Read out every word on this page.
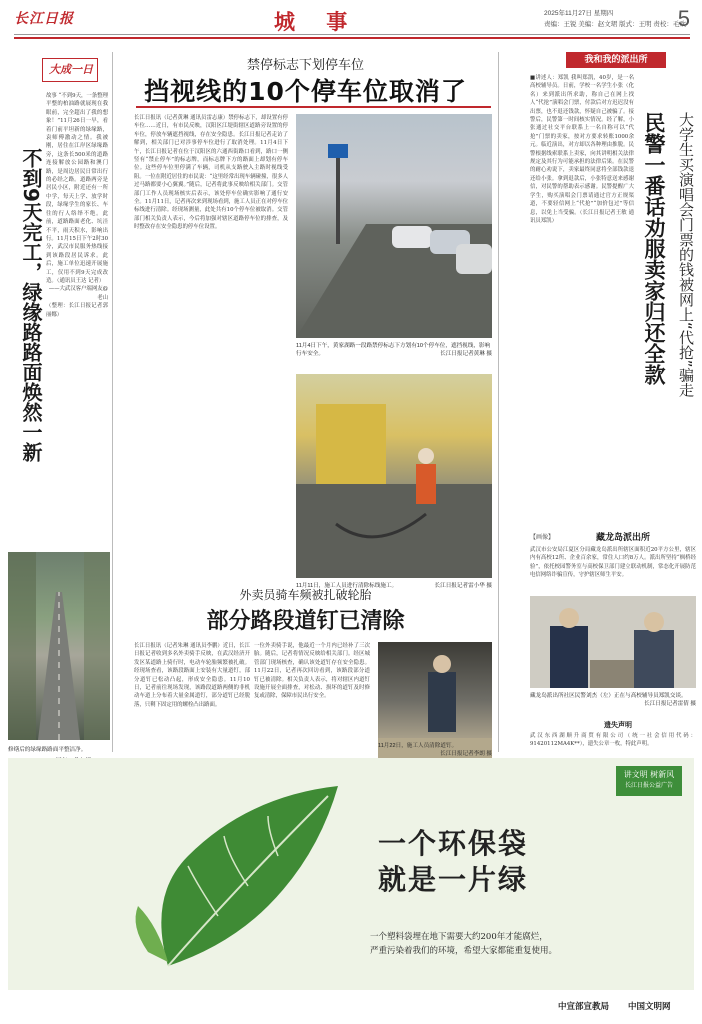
长江日报	城 事	2025年11月27日 星期四
责编：王锐 美编：赵文珺 版式：王明 责校：毛欢
5
大成一日
不到9天完工，绿缘路路面焕然一新

故事 “不到9天，一条整理平整的柏油路就展现在我眼前，完全超出了我的想象！”11月26日一早，看着门前平坦新的绿缘路，袁师傅激动之情。我被刚，居住在江岸区绿缘路旁，这条长500米的道路连接解放公园路和澳门路，是周边居民日常出行的必经之路。道路两旁是居民小区，附近还有一所中学，每天上学、放学时段，绿缘学生的家长、车往的行人络绎不绝。此前，道路路面老化、坑洼不平，雨天积水，影响出行。11月15日下午2时30分，武汉市民服务热线接到该路段居民诉求。此后，施工单位迅速开展施工，仅用不到9天完成改造。（通讯员王达 记者）

——大武汉客户端网友@老山

（整理：长江日报记者郭丽娜）

修缮后的绿缘路路面平整洁净。
禁停标志下划停车位
挡视线的10个停车位取消了

长江日报讯（记者黄琳 通讯员雷志康）禁停标志下，却设置有停车位……近日，有市民反映，汉阳区江堤街辖区道路旁设置的停车位，停放车辆遮挡视线，存在安全隐患。长江日报记者走访了解到，相关部门已对涉事停车位进行了取消处理。11月4日下午，长江日报记者在位于汉阳区的六通西街路口看到，路口一侧竖有“禁止停车”的标志牌，而标志牌下方的路面上却划有停车位。这些停车位里停满了车辆，司机从支路驶入主路时视线受阻。一位在附近居住的市民说：“这里经常出现车辆碰撞，很多人过马路都要小心翼翼。”随后，记者将此事反映给相关部门。交管部门工作人员现场核实后表示，该处停车位确实影响了通行安全。11月11日，记者再次来到现场看到，施工人员正在对停车位标线进行清除。经现场测量，此处共有10个停车位被取消。交管部门相关负责人表示，今后将加强对辖区道路停车位的排查，及时整改存在安全隐患的停车位设置。

11月4日下午，黄家湖路一段路禁停标志下方划有10个停车位，遮挡视线，影响行车安全。	长江日报记者黄琳 摄
11月11日，施工人员进行清除标线施工。	长江日报记者雷小华 摄
外卖员骑车频被扎破轮胎
部分路段道钉已清除

长江日报讯（记者朱琳 通讯员李鹏）近日，长江日报记者收到多名外卖骑手反映，在武汉经济开发区某道路上骑行时，电动车轮胎频繁被扎破。经现场查看，该路段路面上安装有大量道钉，部分道钉已松动凸起，形成安全隐患。11月10日，记者前往现场发现，该路段道路两侧的非机动车道上分布着大量金属道钉，部分道钉已经脱落，只剩下固定用的螺栓凸出路面。

一位外卖骑手说，他最近一个月内已经补了三次胎。随后，记者将情况反映给相关部门。经区城管部门现场核查，确认该处道钉存在安全隐患。11月22日，记者再次回访看到，该路段部分道钉已被清除。相关负责人表示，将对辖区内道钉设施开展全面排查，对松动、损坏的道钉及时修复或清除，保障市民出行安全。

我和我的派出所

■讲述人：郑凯 我叫郑凯，40岁，是一名高校辅导员。日前，学校一名学生小张（化名）来到派出所求助，称自己在网上找人“代抢”演唱会门票，付款后对方迟迟没有出票，也不退还钱款，怀疑自己被骗了。接警后，民警第一时间核实情况。经了解，小张通过社交平台联系上一名自称可以“代抢”门票的卖家，按对方要求转账1000余元。临近演出，对方却以各种理由推脱。民警根据线索联系上卖家，向其讲明相关法律规定及其行为可能承担的法律后果。在民警的耐心劝说下，卖家最终同意将全部钱款退还给小张。拿到退款后，小张特意送来感谢信，对民警的帮助表示感谢。民警提醒广大学生，购买演唱会门票请通过官方正规渠道，不要轻信网上“代抢”“加价包过”等信息，以免上当受骗。（长江日报记者王敏 通讯员郑凯）	民警一番话劝服卖家归还全款 大学生买演唱会门票的钱被网上“代抢”骗走
【画像】	藏龙岛派出所

武汉市公安局江夏区分局藏龙岛派出所辖区面积近20平方公里，辖区内有高校12所、企业百余家，常住人口约8万人。派出所坚持“枫桥经验”，依托校园警务室与高校保卫部门建立联动机制，常态化开展防范电信网络诈骗宣传，守护辖区师生平安。

藏龙岛派出所社区民警刘杰（左）正在与高校辅导员郑凯交谈。
长江日报记者雷倩 摄
遗失声明
武汉东西湖顺升商贸有限公司（统一社会信用代码：91420112MA4K**），遗失公章一枚，特此声明。
11月22日，施工人员清除道钉。
长江日报记者李朗 摄
讲文明 树新风
长江日报公益广告
一个环保袋
就是一片绿
一个塑料袋埋在地下需要大约200年才能腐烂，
严重污染着我们的环境，希望大家都能重复使用。
中宣部宣教局 中国文明网
